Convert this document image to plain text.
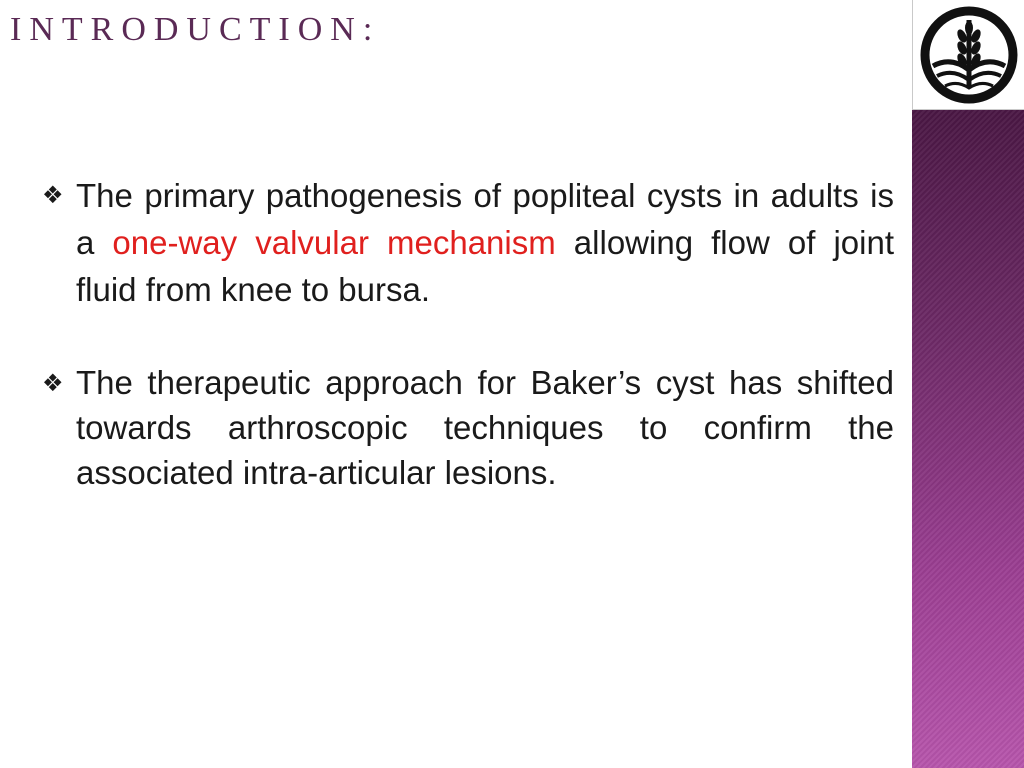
INTRODUCTION:

❖ The primary pathogenesis of popliteal cysts in adults is a one-way valvular mechanism allowing flow of joint fluid from knee to bursa.

❖ The therapeutic approach for Baker’s cyst has shifted towards arthroscopic techniques to confirm the associated intra-articular lesions.
